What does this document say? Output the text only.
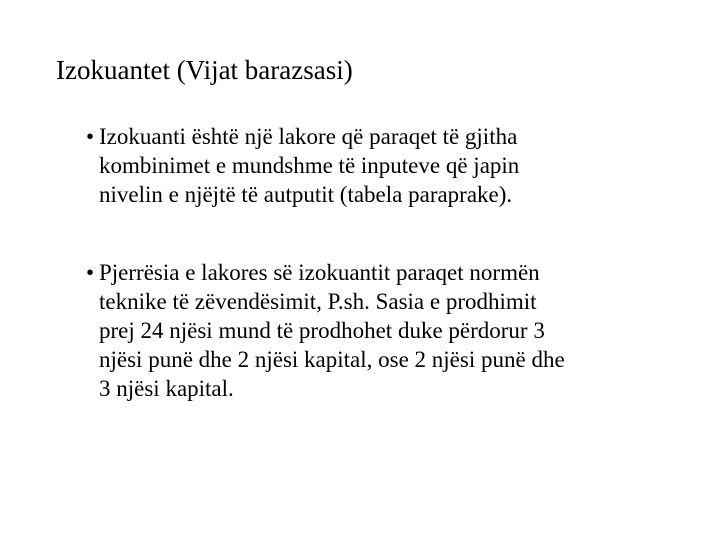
Izokuantet (Vijat barazsasi)
• Izokuanti është një lakore që paraqet të gjitha
kombinimet e mundshme të inputeve që japin
nivelin e njëjtë të autputit (tabela paraprake).
• Pjerrësia e lakores së izokuantit paraqet normën
teknike të zëvendësimit, P.sh. Sasia e prodhimit
prej 24 njësi mund të prodhohet duke përdorur 3
njësi punë dhe 2 njësi kapital, ose 2 njësi punë dhe
3 njësi kapital.
